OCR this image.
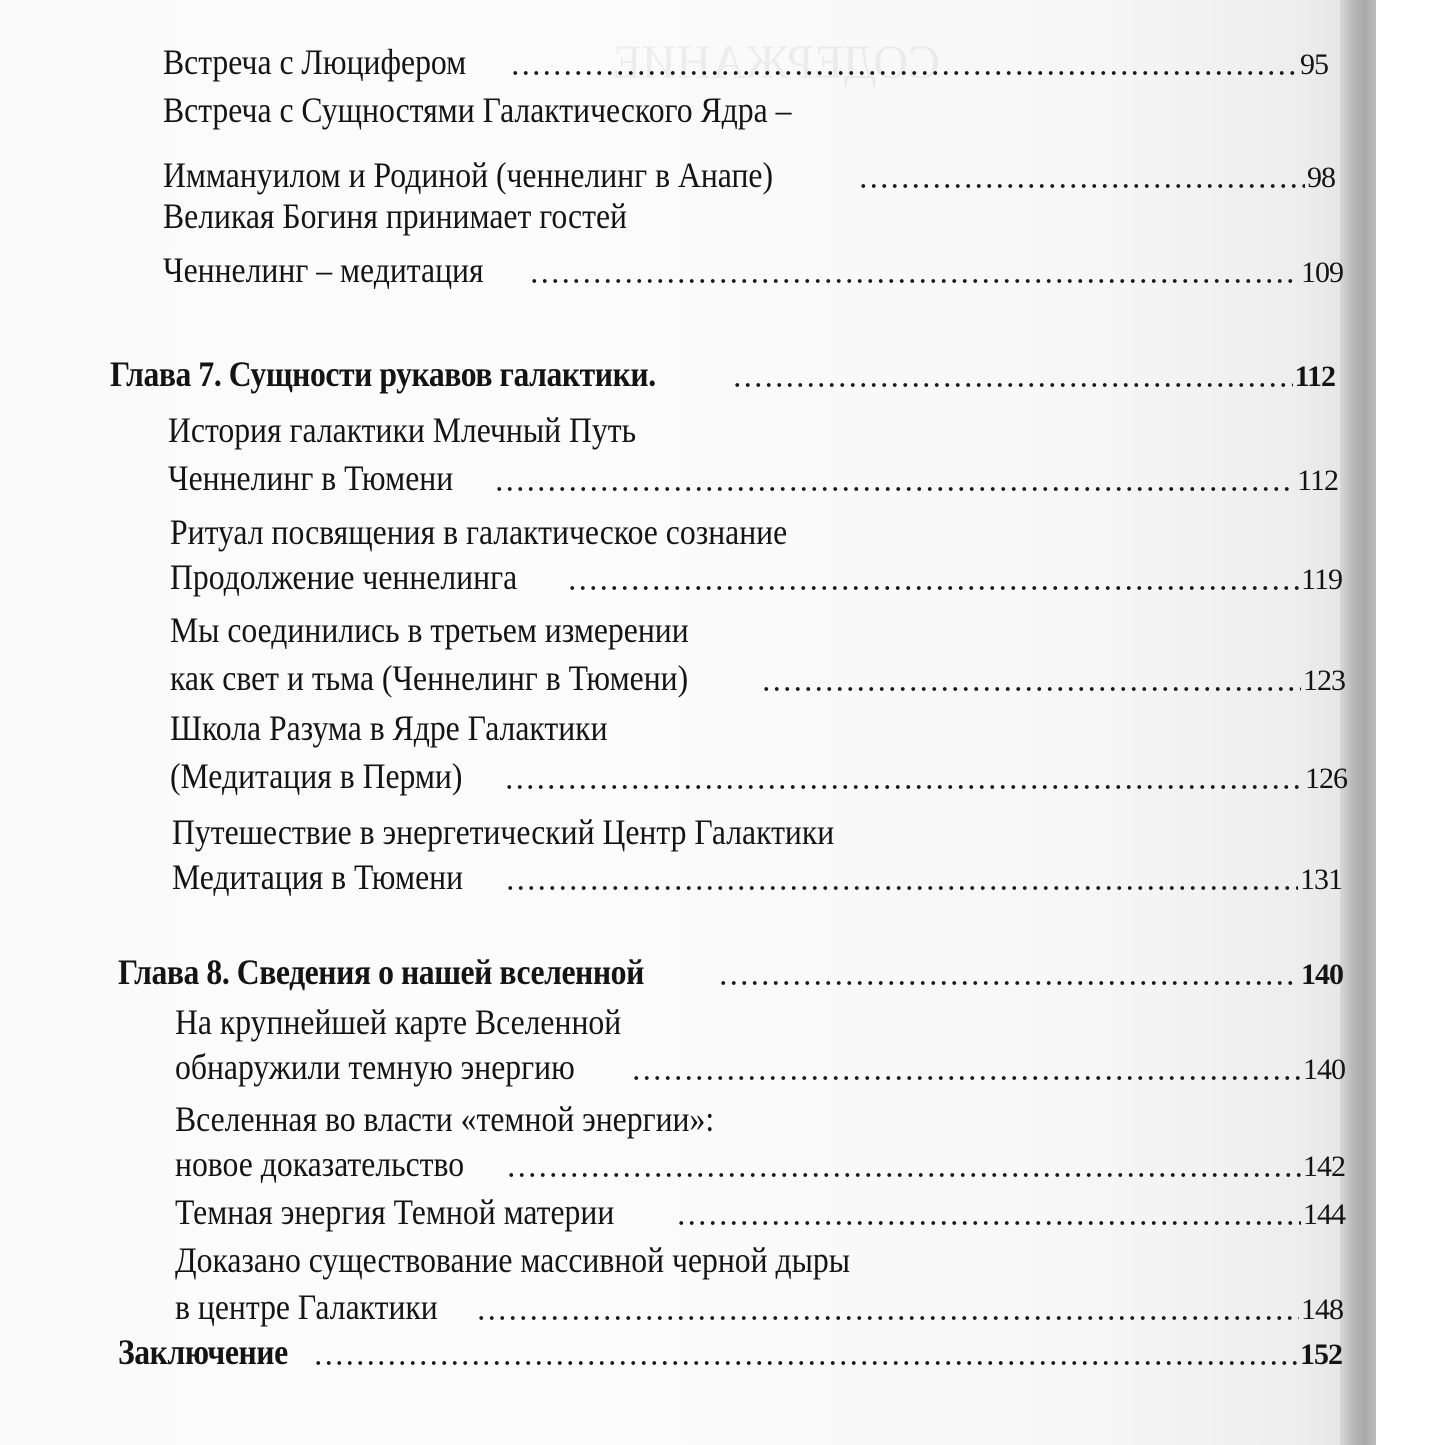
СОДЕРЖАНИЕ
Встреча с Люцифером	95
Встреча с Сущностями Галактического Ядра –
Иммануилом и Родиной (ченнелинг в Анапе)	98
Великая Богиня принимает гостей
Ченнелинг – медитация	109
Глава 7. Сущности рукавов галактики.	112
История галактики Млечный Путь
Ченнелинг в Тюмени	112
Ритуал посвящения в галактическое сознание
Продолжение ченнелинга	119
Мы соединились в третьем измерении
как свет и тьма (Ченнелинг в Тюмени)	123
Школа Разума в Ядре Галактики
(Медитация в Перми)	126
Путешествие в энергетический Центр Галактики
Медитация в Тюмени	131
Глава 8. Сведения о нашей вселенной	140
На крупнейшей карте Вселенной
обнаружили темную энергию	140
Вселенная во власти «темной энергии»:
новое доказательство	142
Темная энергия Темной материи	144
Доказано существование массивной черной дыры
в центре Галактики	148
Заключение	152
